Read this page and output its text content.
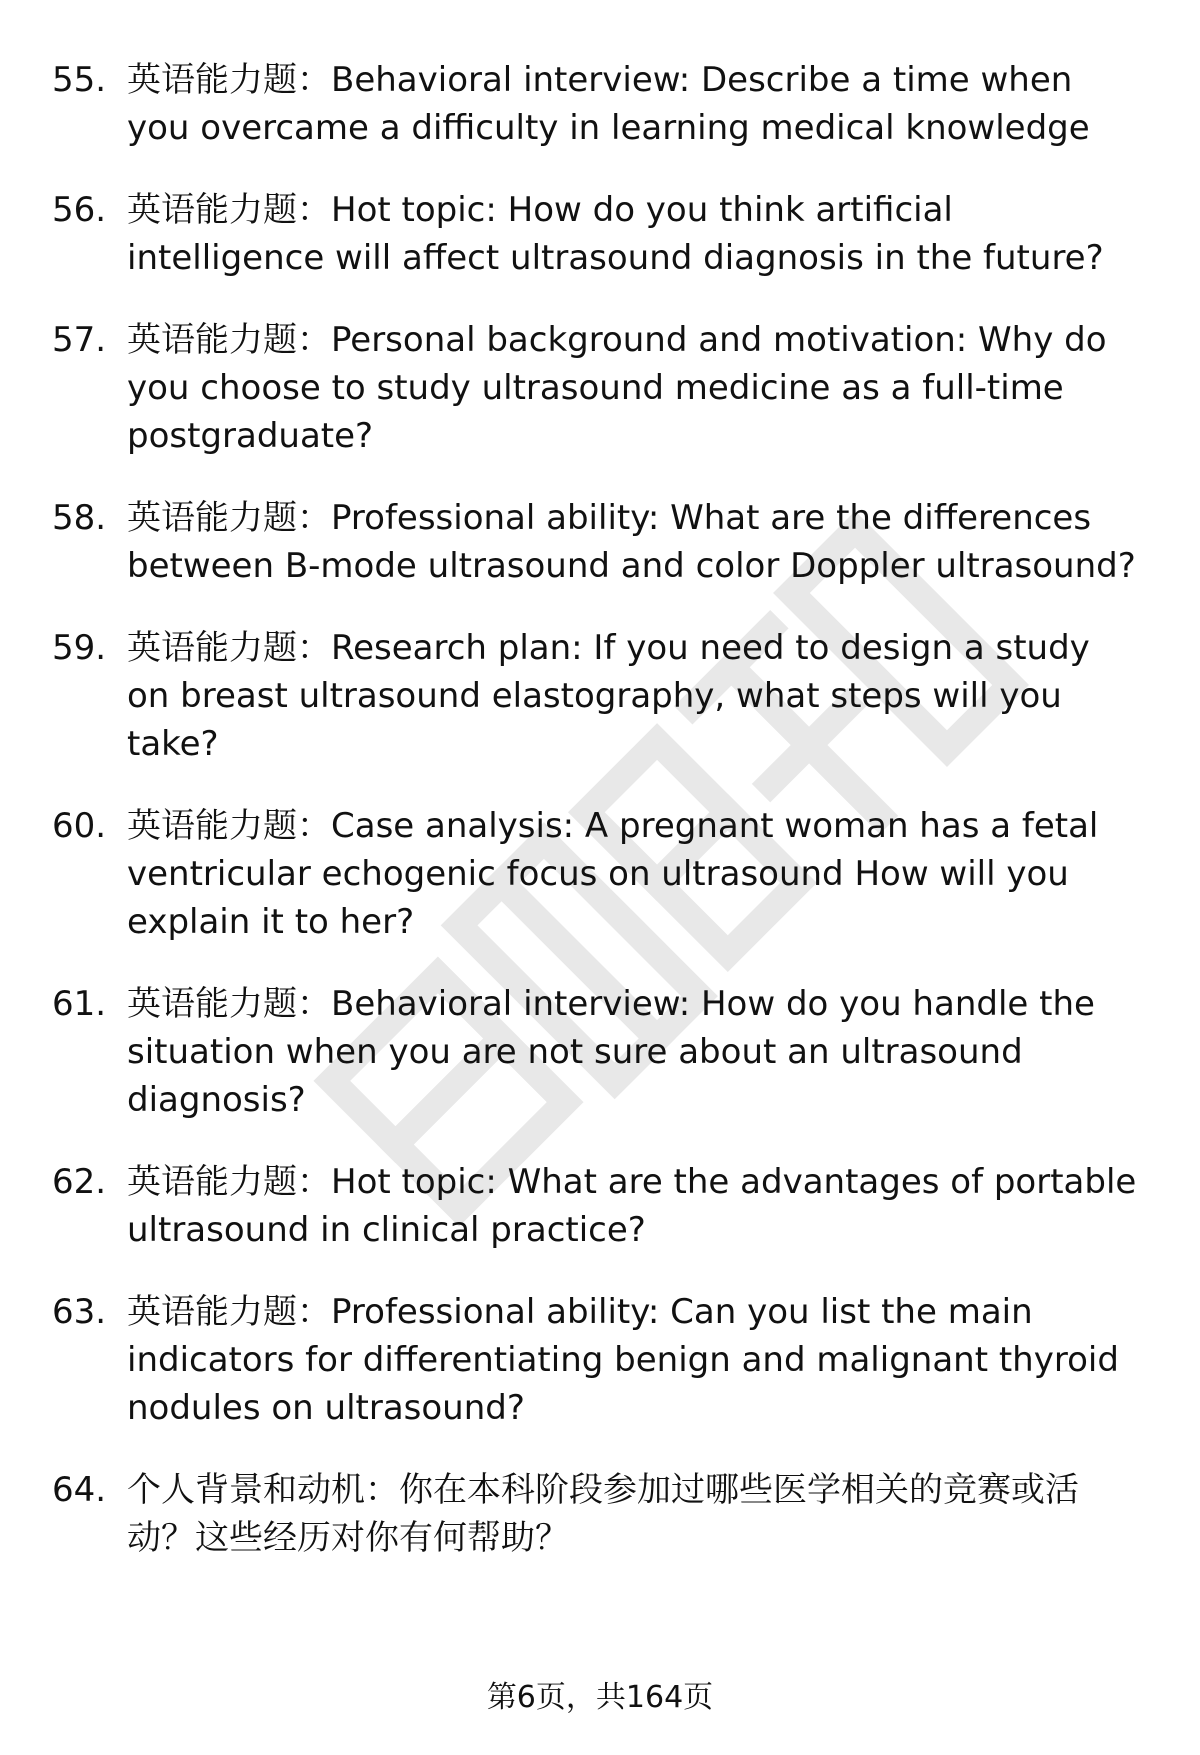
55. 英语能力题：Behavioral interview: Describe a time when you overcame a difficulty in learning medical knowledge
56. 英语能力题：Hot topic: How do you think artificial intelligence will affect ultrasound diagnosis in the future?
57. 英语能力题：Personal background and motivation: Why do you choose to study ultrasound medicine as a full-time postgraduate?
58. 英语能力题：Professional ability: What are the differences between B-mode ultrasound and color Doppler ultrasound?
59. 英语能力题：Research plan: If you need to design a study on breast ultrasound elastography, what steps will you take?
60. 英语能力题：Case analysis: A pregnant woman has a fetal ventricular echogenic focus on ultrasound How will you explain it to her?
61. 英语能力题：Behavioral interview: How do you handle the situation when you are not sure about an ultrasound diagnosis?
62. 英语能力题：Hot topic: What are the advantages of portable ultrasound in clinical practice?
63. 英语能力题：Professional ability: Can you list the main indicators for differentiating benign and malignant thyroid nodules on ultrasound?
64. 个人背景和动机：你在本科阶段参加过哪些医学相关的竞赛或活动？这些经历对你有何帮助？
第6页，共164页
